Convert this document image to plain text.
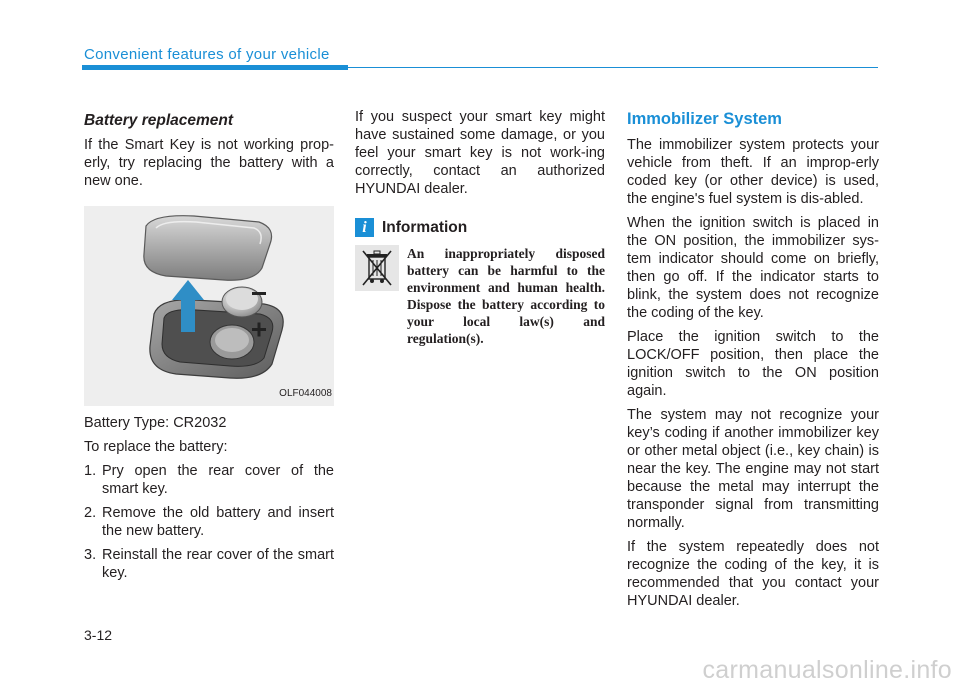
Convenient features of your vehicle
Battery replacement

If the Smart Key is not working prop-erly, try replacing the battery with a new one.

OLF044008

Battery Type: CR2032

To replace the battery:

1. Pry open the rear cover of the smart key.
2. Remove the old battery and insert the new battery.
3. Reinstall the rear cover of the smart key.

If you suspect your smart key might have sustained some damage, or you feel your smart key is not work-ing correctly, contact an authorized HYUNDAI dealer.

i Information

An inappropriately disposed battery can be harmful to the environment and human health. Dispose the battery according to your local law(s) and regulation(s).

Immobilizer System

The immobilizer system protects your vehicle from theft. If an improp-erly coded key (or other device) is used, the engine's fuel system is dis-abled.

When the ignition switch is placed in the ON position, the immobilizer sys-tem indicator should come on briefly, then go off. If the indicator starts to blink, the system does not recognize the coding of the key.

Place the ignition switch to the LOCK/OFF position, then place the ignition switch to the ON position again.

The system may not recognize your key’s coding if another immobilizer key or other metal object (i.e., key chain) is near the key. The engine may not start because the metal may interrupt the transponder signal from transmitting normally.

If the system repeatedly does not recognize the coding of the key, it is recommended that you contact your HYUNDAI dealer.

3-12
carmanualsonline.info
